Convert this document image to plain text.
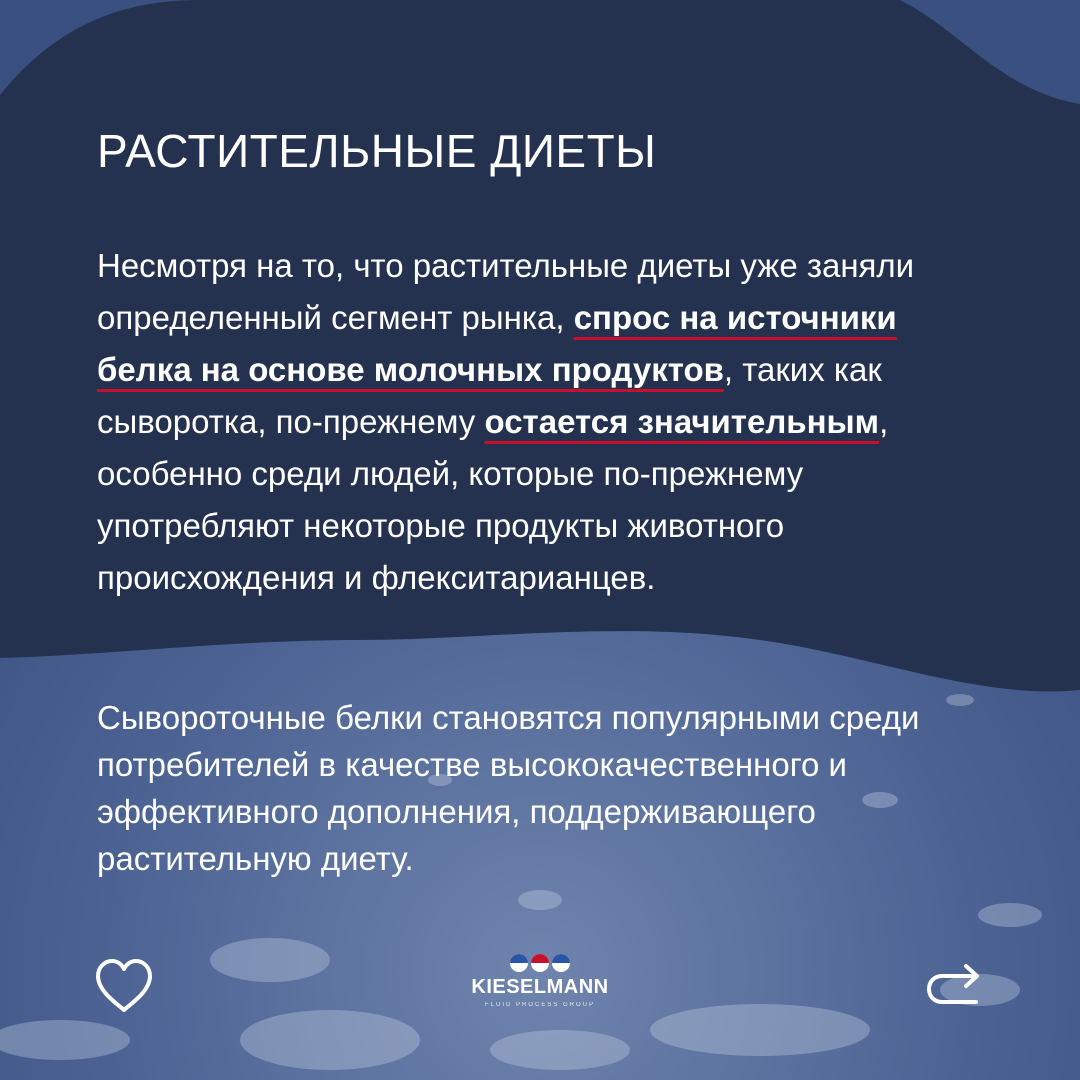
РАСТИТЕЛЬНЫЕ ДИЕТЫ

Несмотря на то, что растительные диеты уже заняли определенный сегмент рынка, спрос на источники белка на основе молочных продуктов, таких как сыворотка, по-прежнему остается значительным, особенно среди людей, которые по-прежнему употребляют некоторые продукты животного происхождения и флекситарианцев.

Сывороточные белки становятся популярными среди потребителей в качестве высококачественного и эффективного дополнения, поддерживающего растительную диету.

KIESELMANN
FLUID PROCESS GROUP
